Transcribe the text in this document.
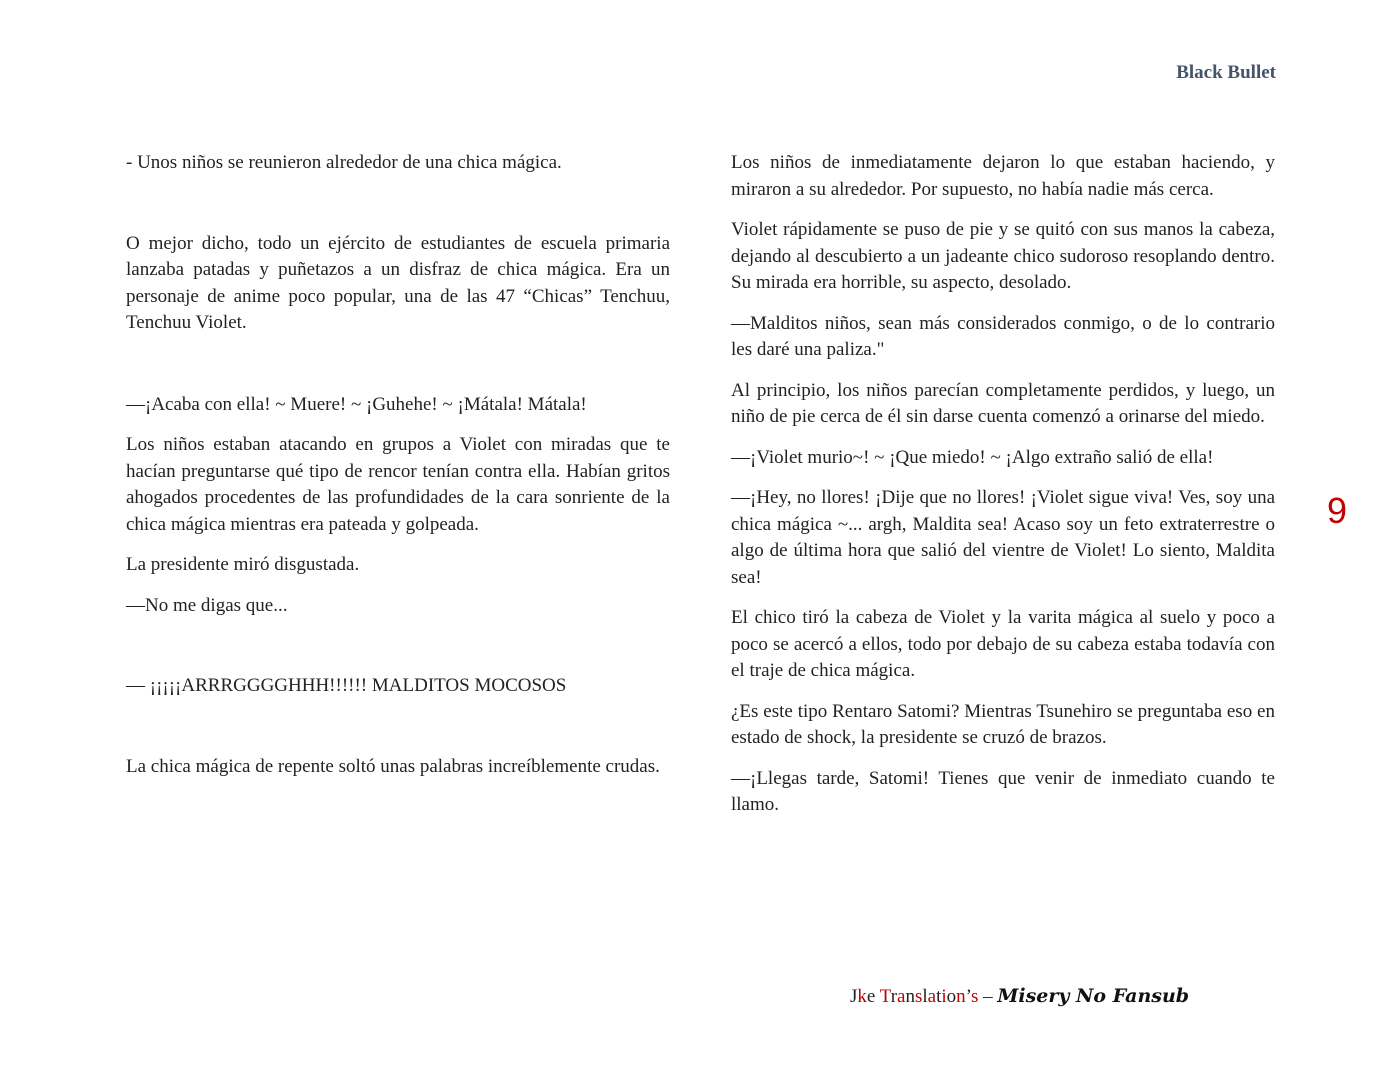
Black Bullet

- Unos niños se reunieron alrededor de una chica mágica.

O mejor dicho, todo un ejército de estudiantes de escuela primaria lanzaba patadas y puñetazos a un disfraz de chica mágica. Era un personaje de anime poco popular, una de las 47 “Chicas” Tenchuu, Tenchuu Violet.

—¡Acaba con ella! ~ Muere! ~ ¡Guhehe! ~ ¡Mátala! Mátala!

Los niños estaban atacando en grupos a Violet con miradas que te hacían preguntarse qué tipo de rencor tenían contra ella. Habían gritos ahogados procedentes de las profundidades de la cara sonriente de la chica mágica mientras era pateada y golpeada.

La presidente miró disgustada.

—No me digas que...

— ¡¡¡¡¡ARRRGGGGHHH!!!!!! MALDITOS MOCOSOS

La chica mágica de repente soltó unas palabras increíblemente crudas.

Los niños de inmediatamente dejaron lo que estaban haciendo, y miraron a su alrededor. Por supuesto, no había nadie más cerca.

Violet rápidamente se puso de pie y se quitó con sus manos la cabeza, dejando al descubierto a un jadeante chico sudoroso resoplando dentro. Su mirada era horrible, su aspecto, desolado.

—Malditos niños, sean más considerados conmigo, o de lo contrario les daré una paliza."

Al principio, los niños parecían completamente perdidos, y luego, un niño de pie cerca de él sin darse cuenta comenzó a orinarse del miedo.

—¡Violet murio~! ~ ¡Que miedo! ~ ¡Algo extraño salió de ella!

—¡Hey, no llores! ¡Dije que no llores! ¡Violet sigue viva! Ves, soy una chica mágica ~... argh, Maldita sea! Acaso soy un feto extraterrestre o algo de última hora que salió del vientre de Violet! Lo siento, Maldita sea!

El chico tiró la cabeza de Violet y la varita mágica al suelo y poco a poco se acercó a ellos, todo por debajo de su cabeza estaba todavía con el traje de chica mágica.

¿Es este tipo Rentaro Satomi? Mientras Tsunehiro se preguntaba eso en estado de shock, la presidente se cruzó de brazos.

—¡Llegas tarde, Satomi! Tienes que venir de inmediato cuando te llamo.

9
Jke Translation’s – Misery No Fansub
